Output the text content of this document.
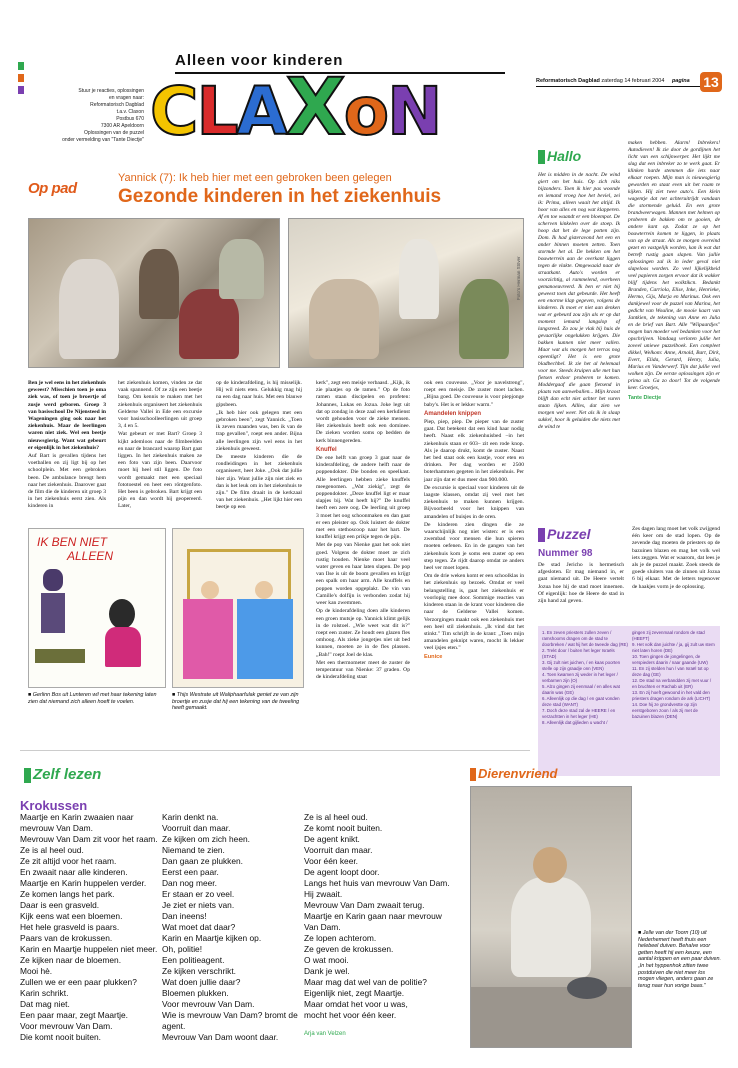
Stuur je reacties, oplossingen
en vragen naar:
Reformatorisch Dagblad
t.a.v. Claxon
Postbus 670
7300 AR Apeldoorn
Oplossingen van de puzzel
onder vermelding van "Tante Diectje"
Alleen voor kinderen
CLAXoN	Reformatorisch Dagblad zaterdag 14 februari 2004 pagina 13
Op pad
Yannick (7): Ik heb hier met een gebroken been gelegen
Gezonde kinderen in het ziekenhuis
Foto's Herman Stöver

Ben je wel eens in het ziekenhuis geweest? Misschien toen je oma ziek was, of toen je broertje of zusje werd geboren. Groep 3 van basisschool De Nijensteed in Wageningen ging ook naar het ziekenhuis. Maar de leerlingen waren niet ziek. Wel een beetje nieuwsgierig. Want wat gebeurt er eigenlijk in het ziekenhuis?

Auf Bart is gevallen tijdens het voetballen en zij ligt bij op het schoolplein. Met een gebroken been. De ambulance brengt hem naar het ziekenhuis. Daarover gaat de film die de kinderen uit groep 3 in het ziekenhuis eerst zien. Als kinderen in

het ziekenhuis komen, vinden ze dat vaak spannend. Of ze zijn een beetje bang. Om kennis te maken met het ziekenhuis organiseert het ziekenhuis Gelderse Vallei in Ede een excursie voor basisschoolleerlingen uit groep 3, 4 en 5.

Wat gebeurt er met Bart? Groep 3 kijkt ademloos naar de filmbeelden en naar de brancard waarop Bart gaat liggen. In het ziekenhuis maken ze een foto van zijn been. Daarvoor moet hij heel stil liggen. De foto wordt gemaakt met een speciaal fototoestel en heet een röntgenfoto. Het been is gebroken. Bart krijgt een pijn en dan wordt hij geopereerd. Later,

op de kinderafdeling, is hij misselijk. Hij wil niets eten. Gelukkig mag hij na een dag naar huis. Met een blauwe gipsbeen.

„Ik heb hier ook gelegen met een gebroken been", zegt Yannick. „Toen ik zeven maanden was, ben ik van de trap gevallen", roept een ander. Bijna alle leerlingen zijn wel eens in het ziekenhuis geweest.

De meeste kinderen die de rondleidingen in het ziekenhuis organiseert, heet Joke. „Ook dat jullie hier zijn. Want jullie zijn niet ziek en dan is het leuk om in het ziekenhuis te zijn." De film draait in de kerkzaal van het ziekenhuis. „Het lijkt hier een beetje op een

kerk", zegt een meisje verbaasd. „Kijk, ik zie plaatjes op de ramen." Op de foto ramen staan discipelen en profeten: Johannes, Lukas en Jozua. Joke legt uit dat op zondag in deze zaal een kerkdienst wordt gehouden voor de zieke mensen. Het ziekenhuis heeft ook een dominee. De zieken worden soms op bedden de kerk binnengereden.

Knuffel

De ene helft van groep 3 gaat naar de kinderafdeling, de andere helft naar de poppendokter. Die bonden en speelkast. Alle leerlingen hebben zieke knuffels meegenomen. „Wat ziekig", zegt de poppendokter. „Deze knuffel ligt er maar slapjes bij. Wat heeft hij?" De knuffel heeft een zere oog. De leerling uit groep 3 moet het oog schoonmaken en dan gaat er een pleister op. Ook luistert de dokter met een stethoscoop naar het hart. De knuffel krijgt een prikje tegen de pijn.

Met de pop van Nienke gaat het ook niet goed. Volgens de dokter moet ze zich rustig houden. Nienke moet haar veel water geven en haar laten slapen. De pop van Ilse is uit de boom gevallen en krijgt een spalk om haar arm. Alle knuffels en poppen worden opgeplakt. De vin van Camille's dolfijn is verbonden zodat hij weer kan zwemmen.

Op de kinderafdeling doen alle kinderen een groen mutsje op. Yannick klimt gelijk in de rolstoel. „Wie weet wat dit is?" roept een zuster. Ze houdt een glazen fles omhoog. Als zieke jongetjes niet uit bed kunnen, moeten ze in de fles plassen. „Bah!" roept Joel de klas.

Met een thermometer meet de zuster de temperatuur van Nienke: 37 graden. Op de kinderafdeling staat

ook een couveuse. „Voor je navelstreng", roept een meisje. De zuster moet lachen. „Bijna goed. De couveuse is voor piepjonge baby's. Het is er lekker warm."

Amandelen knippen

Piep, piep, piep. De pieper van de zuster gaat. Dat betekent dat een kind haar nodig heeft. Naast elk ziekenhuisbed –in het ziekenhuis staan er 603– zit een rode knop. Als je daarop drukt, komt de zuster. Naast het bed staat ook een kastje, voor eten en drinken. Per dag worden er 2500 boterhammen gegeten in het ziekenhuis. Per jaar zijn dat er dus meer dan 900.000.

De excursie is speciaal voor kinderen uit de laagste klassen, omdat zij veel met het ziekenhuis te maken kunnen krijgen. Bijvoorbeeld voor het knippen van amandelen of buisjes in de oren.

De kinderen zien dingen die ze waarschijnlijk nog niet wisten: er is een zwembad voor mensen die hun spieren moeten oefenen. En in de gangen van het ziekenhuis kom je soms een zuster op een step tegen. Ze rijdt daarop omdat ze anders heel ver moet lopen.

Om de drie weken komt er een schoolklas in het ziekenhuis op bezoek. Omdat er veel belangstelling is, gaat het ziekenhuis er voorlopig mee door. Sommige reacties van kinderen staan in de krant voor kinderen die naar de Gelderse Vallei komen. Verzorgingen maakt ook een ziekenhuis met een heel stil ziekenhuis. „Ik vind dat het stinkt." Tim schrijft in de krant: „Toen mijn amandelen geknipt waren, mocht ik lekker veel ijsjes eten."

Eunice

IK BEN NIET
ALLEEN
■ Gerlinn Bos uit Lunteren wil met haar tekening laten zien dat niemand zich alleen hoeft te voelen.
■ Thijs Westrate uit Waliphaarfulak geniet ze van zijn broertje en zusje dat hij een tekening van de tweeling heeft gemaakt.
Hallo
Het is midden in de nacht. De wind giert om het huis. Op zich niks bijzonders. Toen ik hier pas woonde en iemand vroeg hoe het beviel, zei ik: Prima, alleen waait het altijd. Ik hoor van alles en nog wat klapperen. Af en toe waandt er een bloempot. De scherven kinkelen over de stoep. Ik hoop dat het de lege potten zijn. Dom. Ik had gisteravond het een en ander binnen moeten zetten. Toen stormde het al. De hekken om het bouwterrein aan de overkant liggen tegen de vlakte. Omgewaaid naar de straatkant. Auto's worden er voorzichtig, al rammelend, overheen gemanoeuvreerd. Ik ben er niet bij geweest toen dat gebeurde. Het heeft een enorme klap gegeven, volgens de kinderen. Ik moet er niet aan denken wat er gebeurd zou zijn als er op dat moment iemand langslop of langsreed. Zo zou je vlak bij huis de gevaarlijke ongelukken krijgen. Die bakken kunnen niet meer vallen. Maar wat als morgen het terras nog opeenligt? Het is een grote bladbechbel. Ik zie het al helemaal voor me. Steeds kruipen alle met hun fietsen erdoor proberen te komen. Moddergaaf die gaan fietsend in plaats van aanweballen... Mijn kraost blijft dan echt niet achter het vuren staan lijken. Allles, dat zien we morgen wel weer. Net als ik in slaap sukkel, hoor ik geluiden die niets met de wind te

maken hebben. Alarm! Inbrekers! Autodieven! Ik zie door de gordijnen het licht van een schijnwerper. Het lijkt me slag dat een inbreker zo te werk gaat. Er klinken harde stemmen die iets naar elkaar roepen. Mijn man is nieuwsgierig geworden en staat even uit het raam te kijken. Hij ziet twee auto's. Een klein wagentje dat net achteruitrijdt vandaan die stormende geluid. En een grote brandweerwagen. Mannen met helmen op proberen de bakken om te gooien, de andere kant op. Zodat ze op het bouwterrein komen te liggen, in plaats van op de straat. Als ze morgen overeind gezet en vastgelijk worden, kan ik wat dat betreft rustig gaan slapen. Van jullie oplossingen zal ik in ieder geval niet slapeloos worden. Zo veel lijkelijkheid veel papieren zorgen ervoor dat ik wakker blijf tijdens het wolktikcn. Bedankt Branden, Carriola, Elise, Inke, Henrieke, Hermo, Gijs, Marja en Marinus. Ook een dankjewel voor de puzzel van Marina, het gedicht van Wouline, de mooie kaart van Jantkien, de tekening van Anne en Julia en de brief van Bart. Alle "Wiipaardjes" mogen hun moeder wel bedanken voor het opschrijven. Vandaag verloten jullie het zoveel uniewe puzzelboek. Een compleet dikkel, Welkom: Anne, Arnold, Bart, Dirk, Evert, Elida, Gerard, Henry, Julia, Marius en Vanderwerf. Tijn dat jullie veel wolken zijn. De eerste oplossingen zijn er prima uit. Ga zo door! Tot de volgende keer. Groetjes,

Tante Diectje

Puzzel
Nummer 98
De stad Jericho is hermetisch afgesloten. Er mag niemand in, er gaat niemand uit. De Heere vertelt Jozua hoe hij de stad moet innemen. Of eigenlijk: hoe de Heere de stad in zijn hand zal geven.
Zes dagen lang moet het volk zwijgend één keer om de stad lopen. Op de zevende dag moeten de priesters op de bazuinen blazen en mag het volk wel iets zeggen. Wat er waarom, dat lees je als je de puzzel maakt. Zoek steeds de goede sluiters van de zinnen uit Jozua 6 bij elkaar. Met de letters tegenover de haakjes vorm je de oplossing.
1. En zeven priesters zullen zeven / ramshoorns dragen om de stad te doorbreken / wat hij het de tweede dag (RE)
2. Trekt door / buiten het leger Israëls (STAD)
3. Gij zult niet juichen, / en kaas poorten stelle op zijn graadje onn (VEN)
4. Toen kwamen zij weder in het leger / verbarnen zijn (O)
5. Alzo gingen zij eenmaal / en alles wat daarin was (GE)
6. Alleenlijk op die dag / en gaat vonden deze stad (WANT)
7. Doch deze stad zal de HEERE / en verzachtten in het leger (HE)
8. Alleenlijk dat gijlieden u wacht /
gingen zij zevenmaal rondom de stad (HEEFT)
9. Het volk dan juichte / ja, gij zult uw stem niet laten horen (DE)
10. Toen gingen de jongelingen, de verspieders daarin / naar gaande (UW)
11. En zij stelden hun / van Israël tot op deze dag (GE)
12. De stad na verbandden zij met vuur / en bruchten er Rachab uit (ER)
13. En zij hoeft gewoond in het vald den priesters dragen rondom de ark (LICHT)
14. Doe hij ze grondvestte op zijn eerstgeboren zoon / als zij met de bazuinen blazen (DEN)
Zelf lezen
Krokussen
Maartje en Karin zwaaien naar
mevrouw Van Dam.
Mevrouw Van Dam zit voor het raam.
Ze is al heel oud.
Ze zit altijd voor het raam.
En zwaait naar alle kinderen.
Maartje en Karin huppelen verder.
Ze komen langs het park.
Daar is een grasveld.
Kijk eens wat een bloemen.
Het hele grasveld is paars.
Paars van de krokussen.
Karin en Maartje huppelen niet meer.
Ze kijken naar de bloemen.
Mooi hè.
Zullen we er een paar plukken?
Karin schrikt.
Dat mag niet.
Een paar maar, zegt Maartje.
Voor mevrouw Van Dam.
Die komt nooit buiten.
Karin denkt na.
Voorruit dan maar.
Ze kijken om zich heen.
Niemand te zien.
Dan gaan ze plukken.
Eerst een paar.
Dan nog meer.
Er staan er zo veel.
Je ziet er niets van.
Dan ineens!
Wat moet dat daar?
Karin en Maartje kijken op.
Oh, politie!
Een politieagent.
Ze kijken verschrikt.
Wat doen jullie daar?
Bloemen plukken.
Voor mevrouw Van Dam.
Wie is mevrouw Van Dam? bromt de
agent.
Mevrouw Van Dam woont daar.
Ze is al heel oud.
Ze komt nooit buiten.
De agent knikt.
Voorruit dan maar.
Voor één keer.
De agent loopt door.
Langs het huis van mevrouw Van Dam.
Hij zwaait.
Mevrouw Van Dam zwaait terug.
Maartje en Karin gaan naar mevrouw
Van Dam.
Ze lopen achterom.
Ze geven de krokussen.
O wat mooi.
Dank je wel.
Maar mag dat wel van de politie?
Eigenlijk niet, zegt Maartje.
Maar omdat het voor u was,
mocht het voor één keer.
Arja van Velzen
Dierenvriend
■ Jelle van der Toorn (10) uit Nederhemert heeft thuis een helebeel duiven. Behalve voor getten heeft hij een keuze, een aantal krippen en een paar duiven. „In het hyppenhok zitten twee postduiven die niet meer los mogen vliegen, anders gaan ze terug naar hun vorige baas."
